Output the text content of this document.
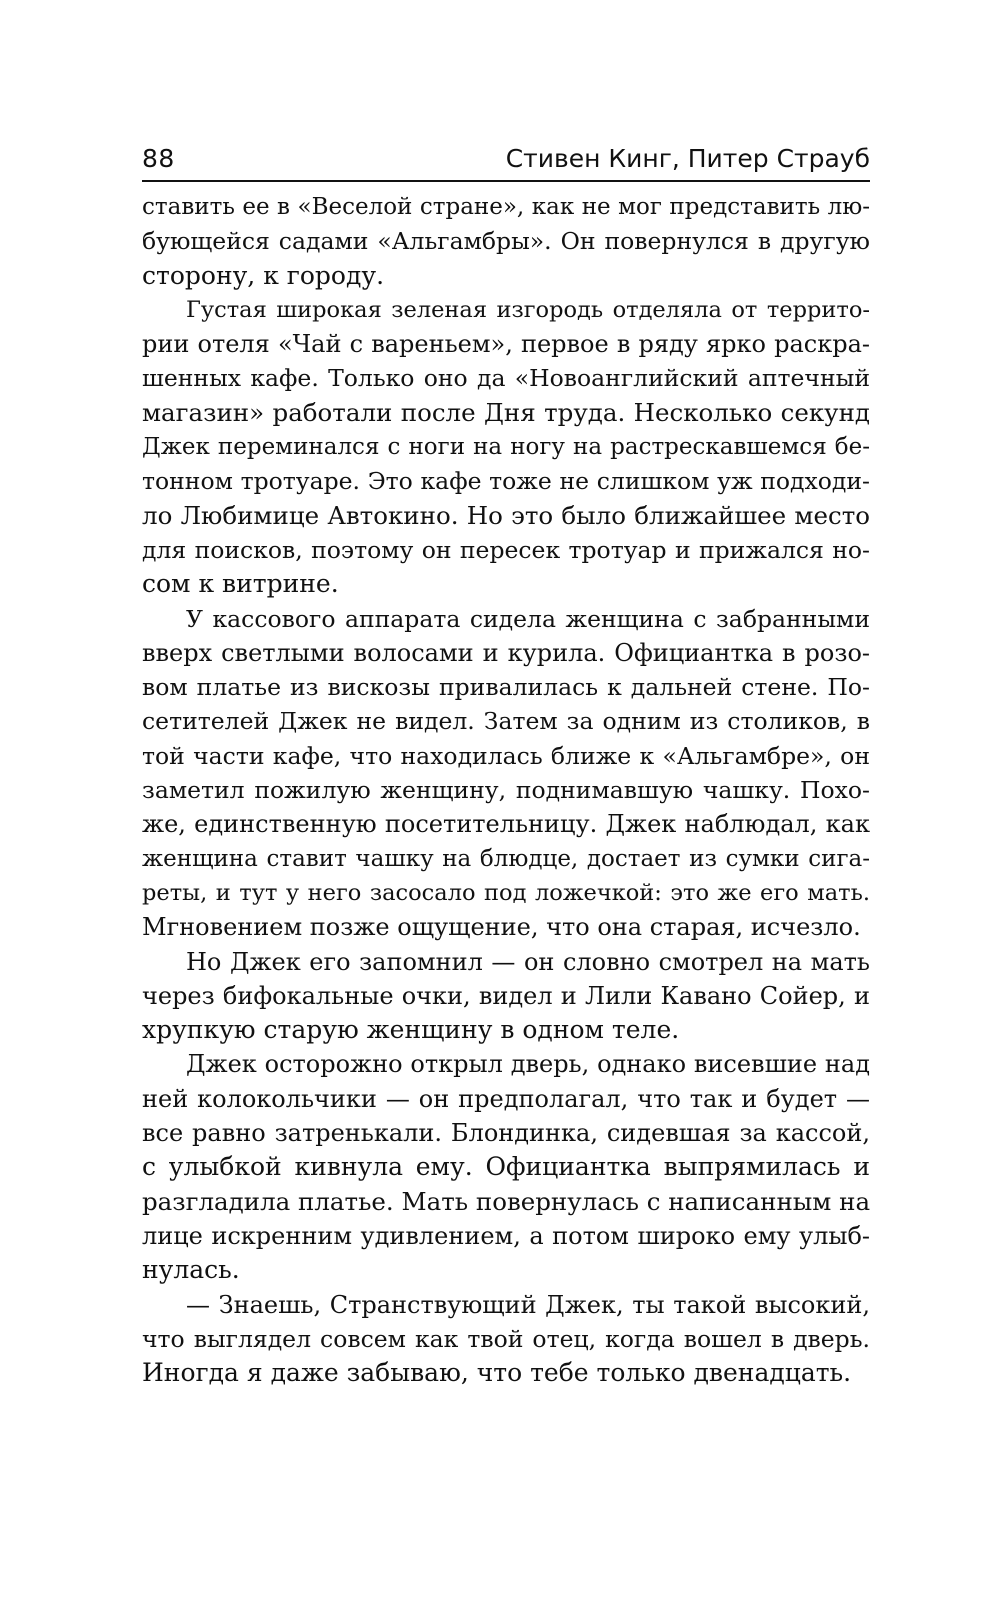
88	Стивен Кинг, Питер Страуб
ставить ее в «Веселой стране», как не мог представить лю-
бующейся садами «Альгамбры». Он повернулся в другую
сторону, к городу.
Густая широкая зеленая изгородь отделяла от террито-
рии отеля «Чай с вареньем», первое в ряду ярко раскра-
шенных кафе. Только оно да «Новоанглийский аптечный
магазин» работали после Дня труда. Несколько секунд
Джек переминался с ноги на ногу на растрескавшемся бе-
тонном тротуаре. Это кафе тоже не слишком уж подходи-
ло Любимице Автокино. Но это было ближайшее место
для поисков, поэтому он пересек тротуар и прижался но-
сом к витрине.
У кассового аппарата сидела женщина с забранными
вверх светлыми волосами и курила. Официантка в розо-
вом платье из вискозы привалилась к дальней стене. По-
сетителей Джек не видел. Затем за одним из столиков, в
той части кафе, что находилась ближе к «Альгамбре», он
заметил пожилую женщину, поднимавшую чашку. Похо-
же, единственную посетительницу. Джек наблюдал, как
женщина ставит чашку на блюдце, достает из сумки сига-
реты, и тут у него засосало под ложечкой: это же его мать.
Мгновением позже ощущение, что она старая, исчезло.
Но Джек его запомнил — он словно смотрел на мать
через бифокальные очки, видел и Лили Кавано Сойер, и
хрупкую старую женщину в одном теле.
Джек осторожно открыл дверь, однако висевшие над
ней колокольчики — он предполагал, что так и будет —
все равно затренькали. Блондинка, сидевшая за кассой,
с улыбкой кивнула ему. Официантка выпрямилась и
разгладила платье. Мать повернулась с написанным на
лице искренним удивлением, а потом широко ему улыб-
нулась.
— Знаешь, Странствующий Джек, ты такой высокий,
что выглядел совсем как твой отец, когда вошел в дверь.
Иногда я даже забываю, что тебе только двенадцать.
